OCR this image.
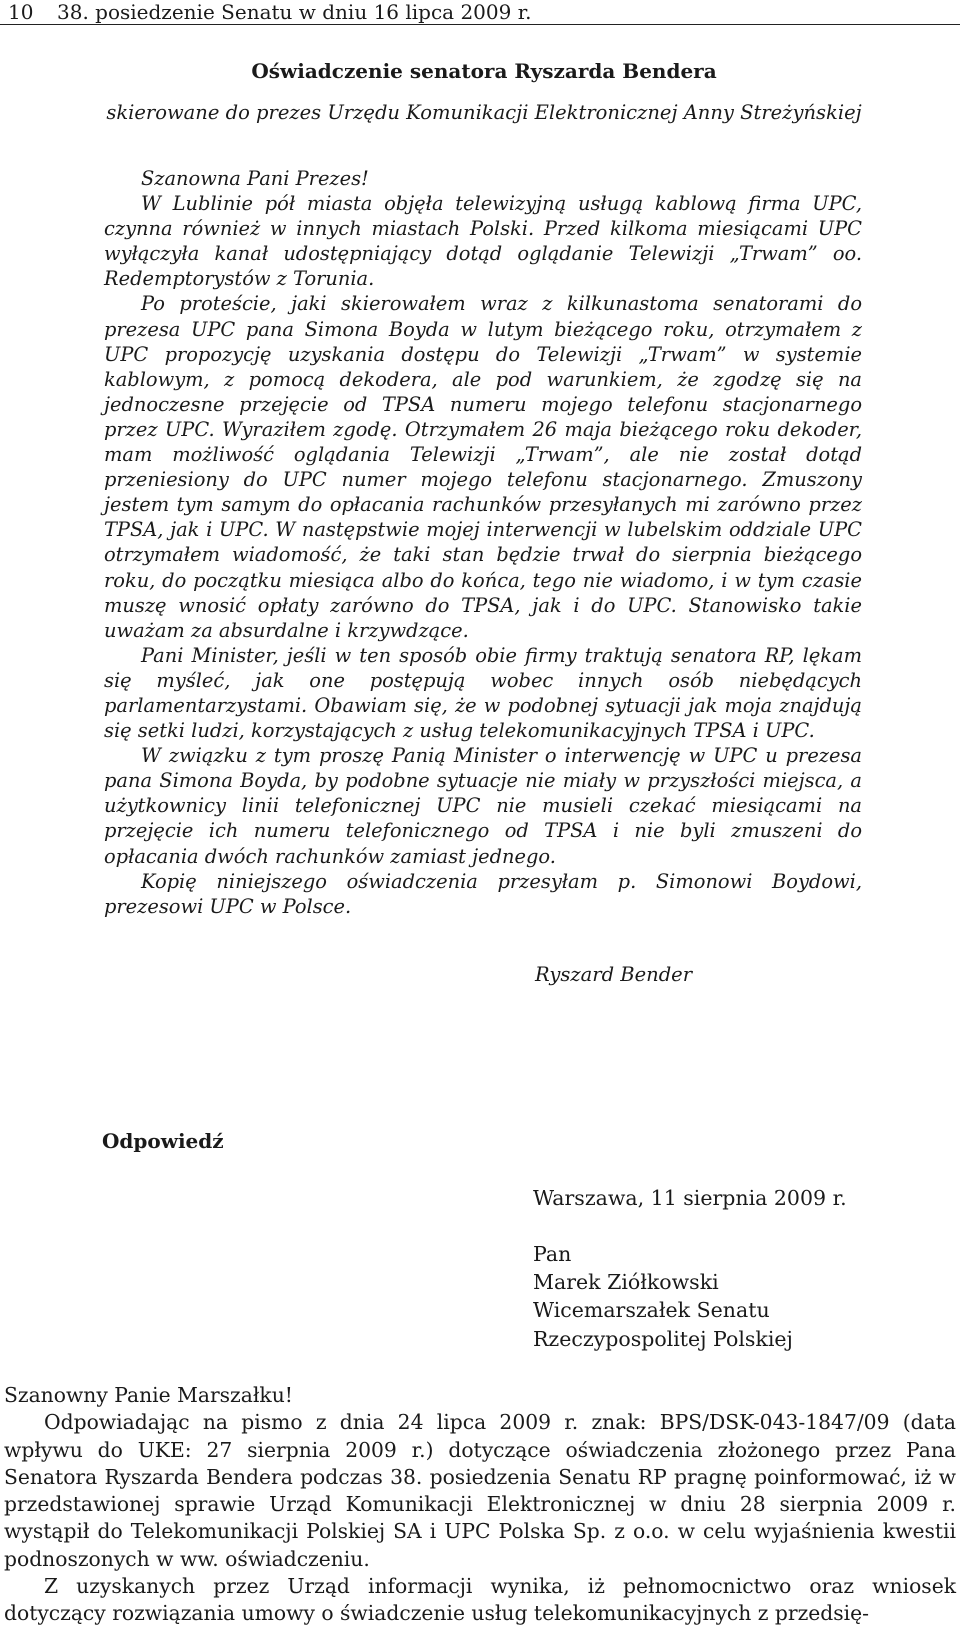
10 38. posiedzenie Senatu w dniu 16 lipca 2009 r.
Oświadczenie senatora Ryszarda Bendera
skierowane do prezes Urzędu Komunikacji Elektronicznej Anny Streżyńskiej

Szanowna Pani Prezes!

W Lublinie pół miasta objęła telewizyjną usługą kablową firma UPC, czynna również w innych miastach Polski. Przed kilkoma miesiącami UPC wyłączyła kanał udostępniający dotąd oglądanie Telewizji „Trwam” oo. Redemptorystów z Torunia.

Po proteście, jaki skierowałem wraz z kilkunastoma senatorami do prezesa UPC pana Simona Boyda w lutym bieżącego roku, otrzymałem z UPC propozycję uzyskania dostępu do Telewizji „Trwam” w systemie kablowym, z pomocą dekodera, ale pod warunkiem, że zgodzę się na jednoczesne przejęcie od TPSA numeru mojego telefonu stacjonarnego przez UPC. Wyraziłem zgodę. Otrzymałem 26 maja bieżącego roku dekoder, mam możliwość oglądania Telewizji „Trwam”, ale nie został dotąd przeniesiony do UPC numer mojego telefonu stacjonarnego. Zmuszony jestem tym samym do opłacania rachunków przesyłanych mi zarówno przez TPSA, jak i UPC. W następstwie mojej interwencji w lubelskim oddziale UPC otrzymałem wiadomość, że taki stan będzie trwał do sierpnia bieżącego roku, do początku miesiąca albo do końca, tego nie wiadomo, i w tym czasie muszę wnosić opłaty zarówno do TPSA, jak i do UPC. Stanowisko takie uważam za absurdalne i krzywdzące.

Pani Minister, jeśli w ten sposób obie firmy traktują senatora RP, lękam się myśleć, jak one postępują wobec innych osób niebędących parlamentarzystami. Obawiam się, że w podobnej sytuacji jak moja znajdują się setki ludzi, korzystających z usług telekomunikacyjnych TPSA i UPC.

W związku z tym proszę Panią Minister o interwencję w UPC u prezesa pana Simona Boyda, by podobne sytuacje nie miały w przyszłości miejsca, a użytkownicy linii telefonicznej UPC nie musieli czekać miesiącami na przejęcie ich numeru telefonicznego od TPSA i nie byli zmuszeni do opłacania dwóch rachunków zamiast jednego.

Kopię niniejszego oświadczenia przesyłam p. Simonowi Boydowi, prezesowi UPC w Polsce.

Ryszard Bender
Odpowiedź
Warszawa, 11 sierpnia 2009 r.
Pan
Marek Ziółkowski
Wicemarszałek Senatu
Rzeczypospolitej Polskiej

Szanowny Panie Marszałku!

Odpowiadając na pismo z dnia 24 lipca 2009 r. znak: BPS/DSK-043-1847/09 (data wpływu do UKE: 27 sierpnia 2009 r.) dotyczące oświadczenia złożonego przez Pana Senatora Ryszarda Bendera podczas 38. posiedzenia Senatu RP pragnę poinformować, iż w przedstawionej sprawie Urząd Komunikacji Elektronicznej w dniu 28 sierpnia 2009 r. wystąpił do Telekomunikacji Polskiej SA i UPC Polska Sp. z o.o. w celu wyjaśnienia kwestii podnoszonych w ww. oświadczeniu.

Z uzyskanych przez Urząd informacji wynika, iż pełnomocnictwo oraz wniosek dotyczący rozwiązania umowy o świadczenie usług telekomunikacyjnych z przedsię-
